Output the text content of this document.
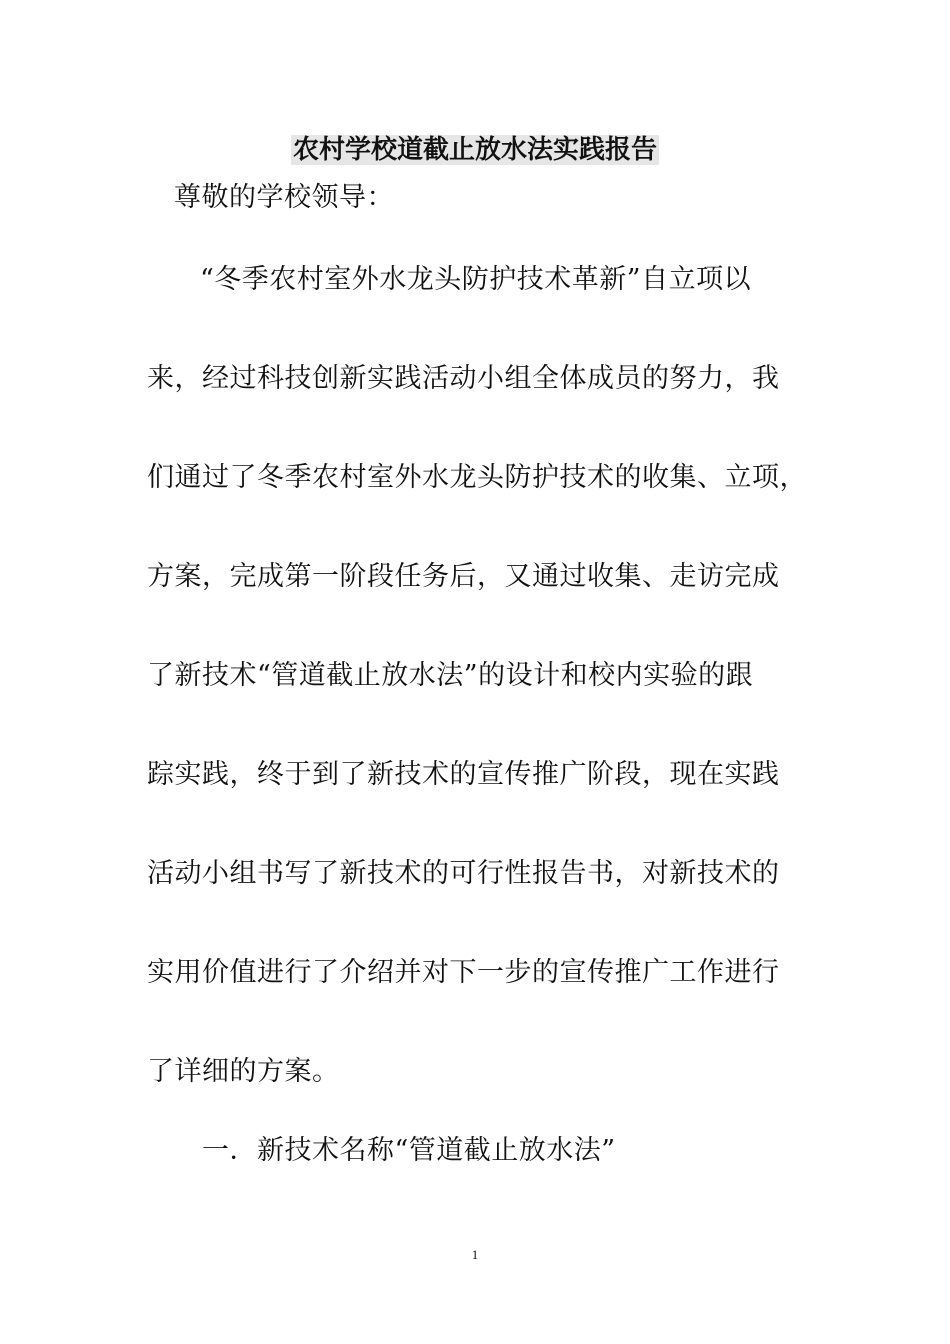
农村学校道截止放水法实践报告
尊敬的学校领导：
“冬季农村室外水龙头防护技术革新”自立项以
来，经过科技创新实践活动小组全体成员的努力，我
们通过了冬季农村室外水龙头防护技术的收集、立项，
方案，完成第一阶段任务后，又通过收集、走访完成
了新技术“管道截止放水法”的设计和校内实验的跟
踪实践，终于到了新技术的宣传推广阶段，现在实践
活动小组书写了新技术的可行性报告书，对新技术的
实用价值进行了介绍并对下一步的宣传推广工作进行
了详细的方案。
一．新技术名称“管道截止放水法”
1
